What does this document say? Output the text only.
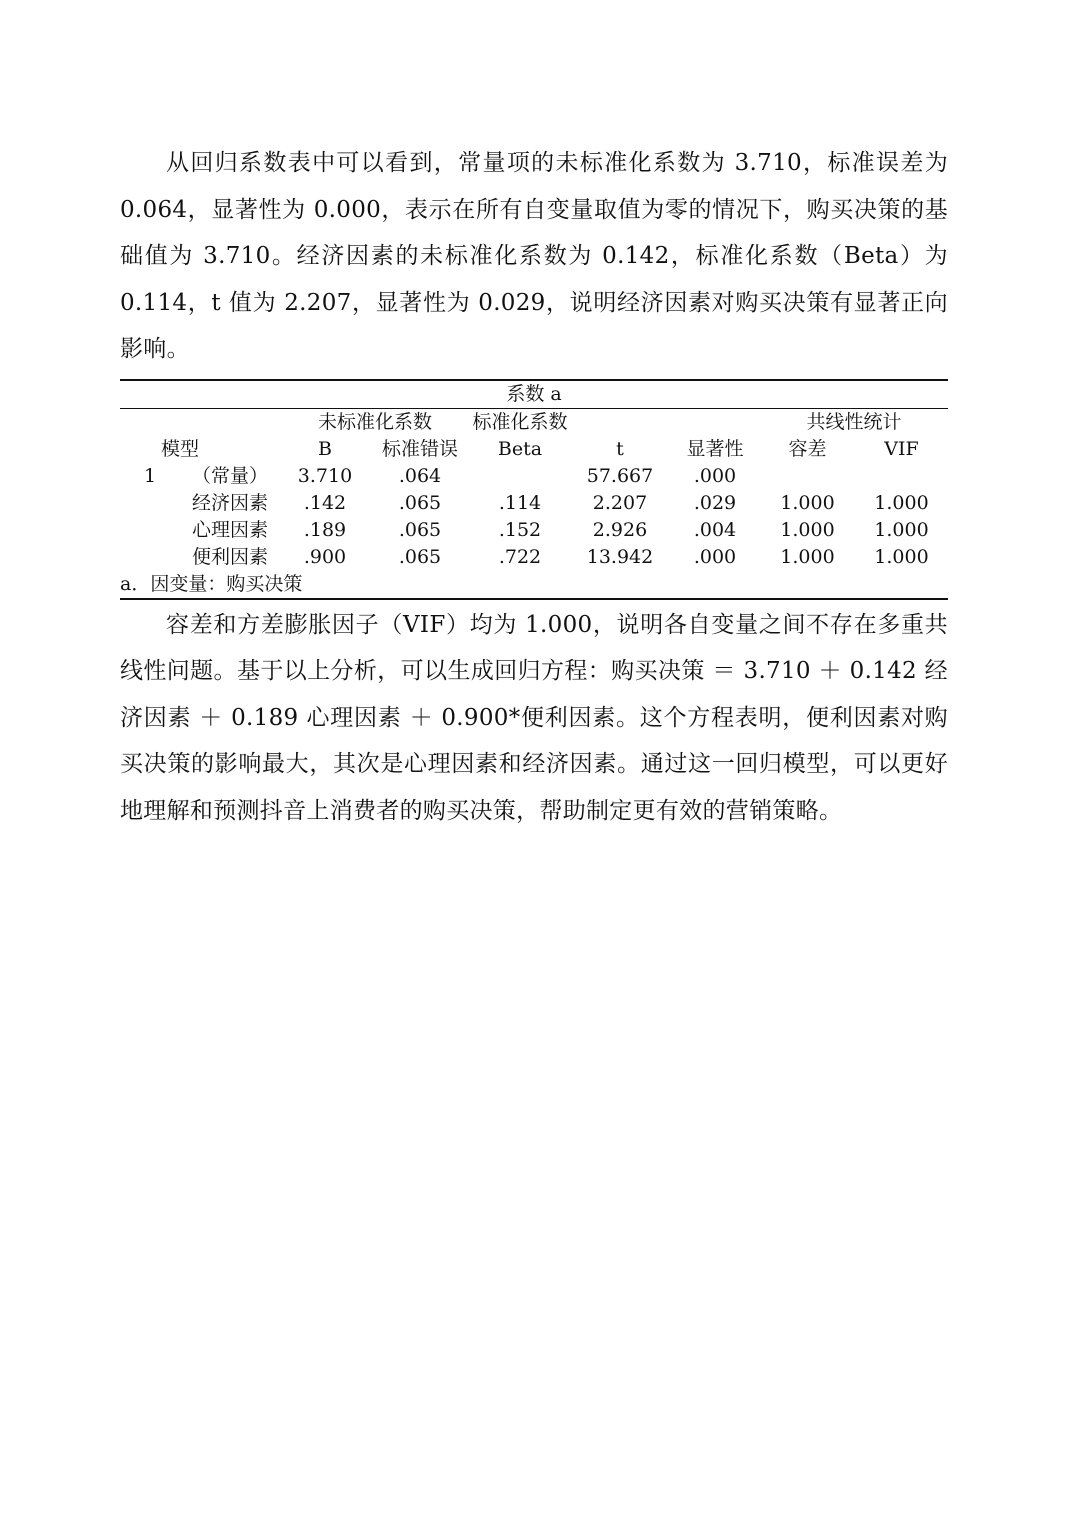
从回归系数表中可以看到，常量项的未标准化系数为 3.710，标准误差为 0.064，显著性为 0.000，表示在所有自变量取值为零的情况下，购买决策的基础值为 3.710。经济因素的未标准化系数为 0.142，标准化系数（Beta）为 0.114，t 值为 2.207，显著性为 0.029，说明经济因素对购买决策有显著正向影响。

系数 a								
		未标准化系数		标准化系数			共线性统计	
模型		B	标准错误	Beta	t	显著性	容差	VIF
1	（常量）	3.710	.064		57.667	.000		
	经济因素	.142	.065	.114	2.207	.029	1.000	1.000
	心理因素	.189	.065	.152	2.926	.004	1.000	1.000
	便利因素	.900	.065	.722	13.942	.000	1.000	1.000
a．因变量：购买决策								

容差和方差膨胀因子（VIF）均为 1.000，说明各自变量之间不存在多重共线性问题。基于以上分析，可以生成回归方程：购买决策 ＝ 3.710 ＋ 0.142 经济因素 ＋ 0.189 心理因素 ＋ 0.900*便利因素。这个方程表明，便利因素对购买决策的影响最大，其次是心理因素和经济因素。通过这一回归模型，可以更好地理解和预测抖音上消费者的购买决策，帮助制定更有效的营销策略。
